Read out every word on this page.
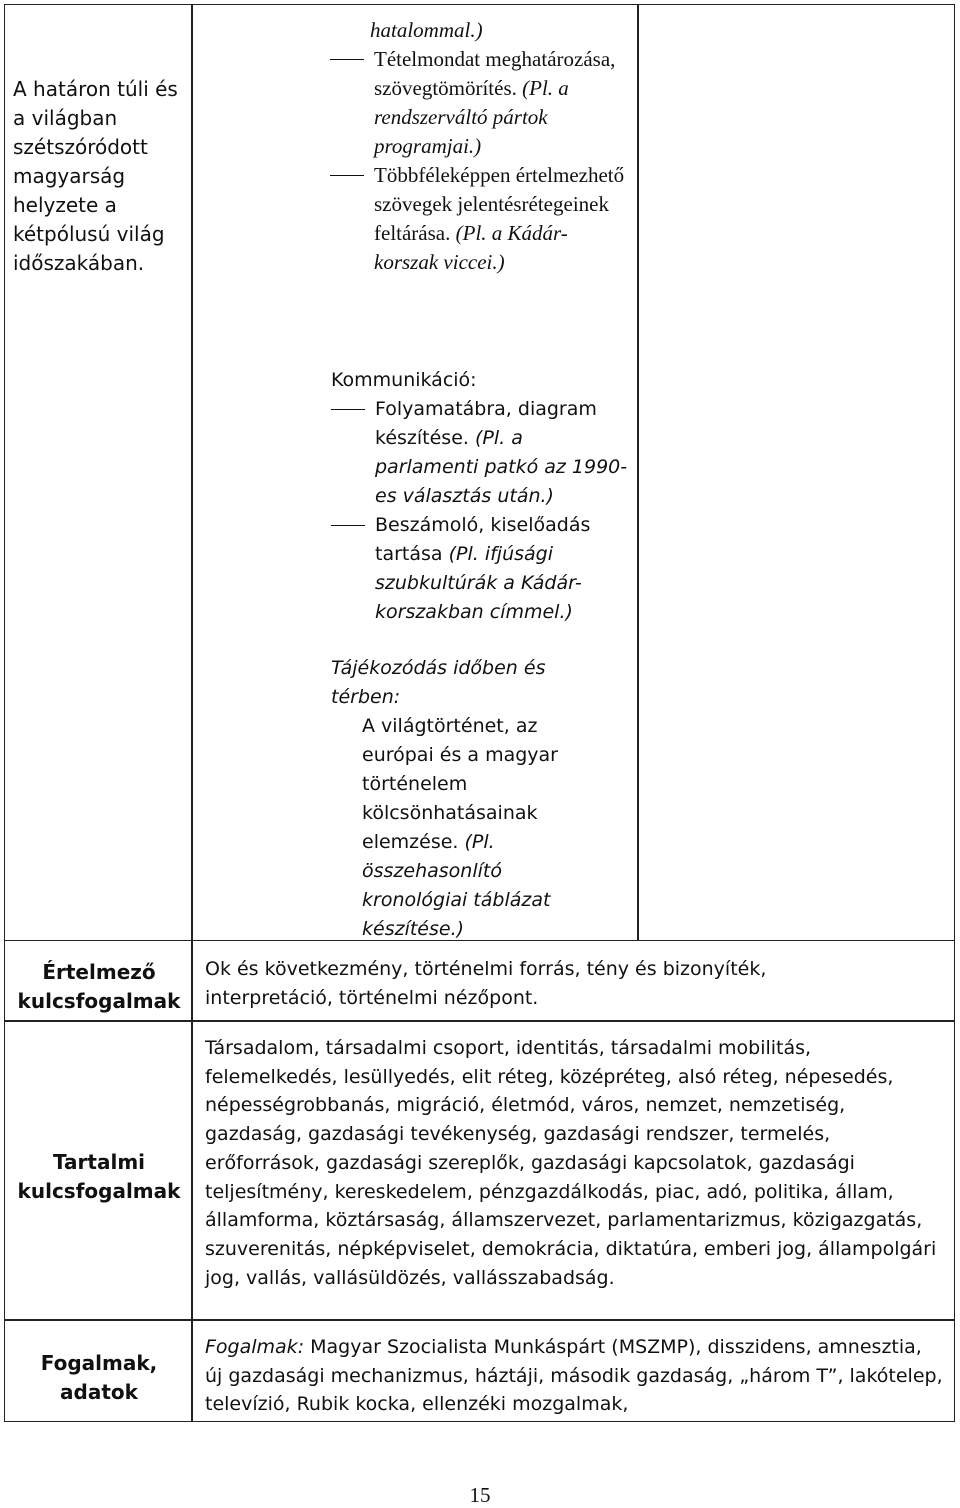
A határon túli és a világban szétszóródott magyarság helyzete a kétpólusú világ időszakában.
hatalommal.)
Tételmondat meghatározása, szövegtömörítés. (Pl. a rendszerváltó pártok programjai.)
Többféleképpen értelmezhető szövegek jelentésrétegeinek feltárása. (Pl. a Kádár-korszak viccei.)
Kommunikáció:
Folyamatábra, diagram készítése. (Pl. a parlamenti patkó az 1990-es választás után.)
Beszámoló, kiselőadás tartása (Pl. ifjúsági szubkultúrák a Kádár-korszakban címmel.)
Tájékozódás időben és térben:
A világtörténet, az európai és a magyar történelem kölcsönhatásainak elemzése. (Pl. összehasonlító kronológiai táblázat készítése.)
Értelmező kulcsfogalmak
Tartalmi kulcsfogalmak
Fogalmak, adatok
Ok és következmény, történelmi forrás, tény és bizonyíték, interpretáció, történelmi nézőpont.
Társadalom, társadalmi csoport, identitás, társadalmi mobilitás, felemelkedés, lesüllyedés, elit réteg, középréteg, alsó réteg, népesedés, népességrobbanás, migráció, életmód, város, nemzet, nemzetiség, gazdaság, gazdasági tevékenység, gazdasági rendszer, termelés, erőforrások, gazdasági szereplők, gazdasági kapcsolatok, gazdasági teljesítmény, kereskedelem, pénzgazdálkodás, piac, adó, politika, állam, államforma, köztársaság, államszervezet, parlamentarizmus, közigazgatás, szuverenitás, népképviselet, demokrácia, diktatúra, emberi jog, állampolgári jog, vallás, vallásüldözés, vallásszabadság.
Fogalmak: Magyar Szocialista Munkáspárt (MSZMP), disszidens, amnesztia, új gazdasági mechanizmus, háztáji, második gazdaság, „három T”, lakótelep, televízió, Rubik kocka, ellenzéki mozgalmak,
15
